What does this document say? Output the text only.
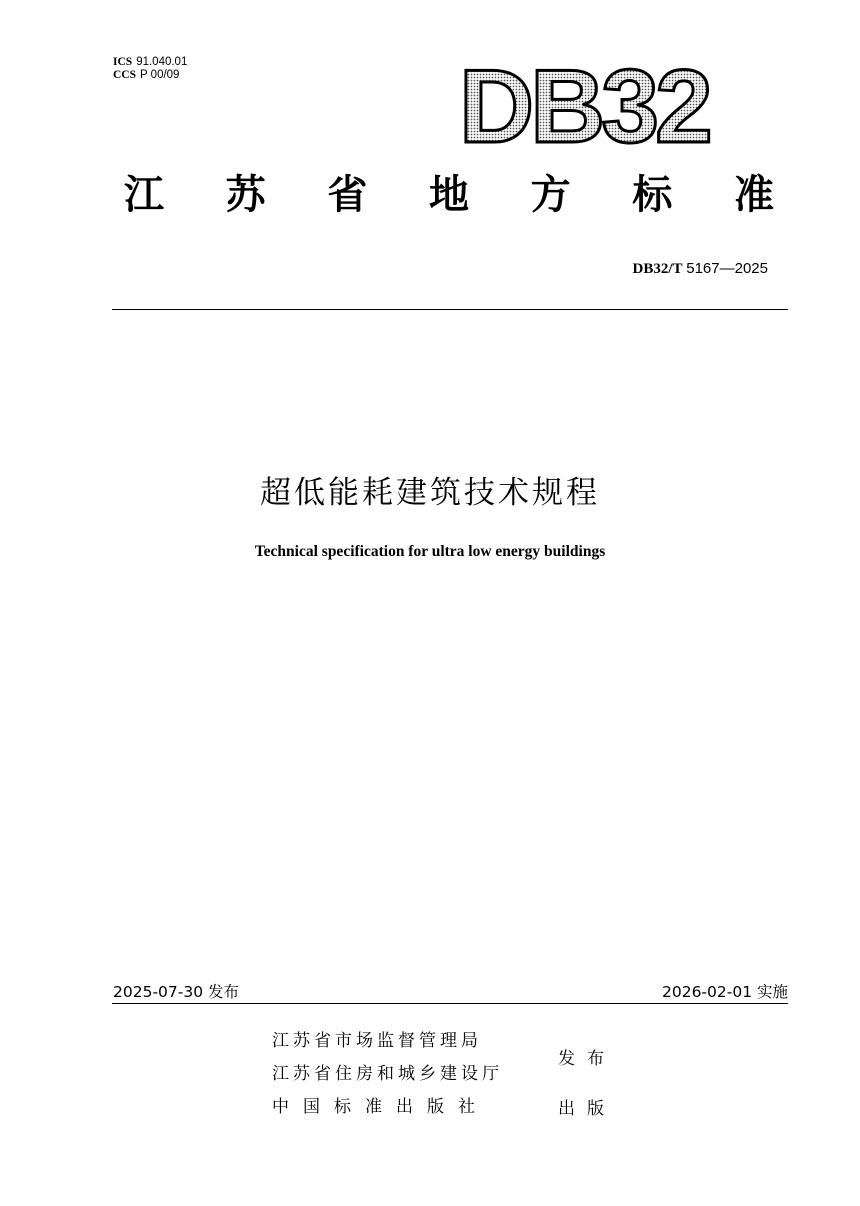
ICS 91.040.01
CCS P 00/09	DB32
江 苏 省 地 方 标 准
DB32/T 5167—2025
超低能耗建筑技术规程
Technical specification for ultra low energy buildings
2025-07-30 发布	2026-02-01 实施
江苏省市场监督管理局
江苏省住房和城乡建设厅
中国标准出版社
发布
出版
